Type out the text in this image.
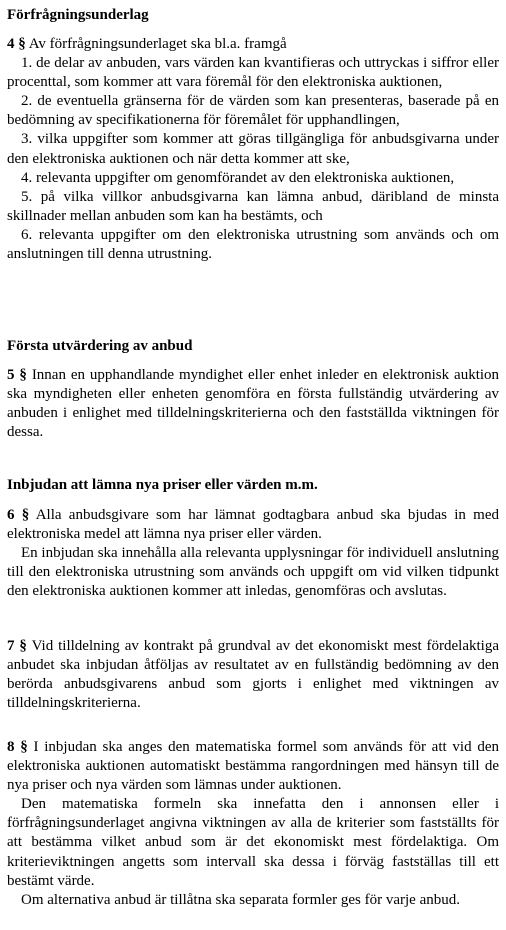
Förfrågningsunderlag

4 § Av förfrågningsunderlaget ska bl.a. framgå

1. de delar av anbuden, vars värden kan kvantifieras och uttryckas i siffror eller procenttal, som kommer att vara föremål för den elektroniska auktionen,

2. de eventuella gränserna för de värden som kan presenteras, baserade på en bedömning av specifikationerna för föremålet för upphandlingen,

3. vilka uppgifter som kommer att göras tillgängliga för anbudsgivarna under den elektroniska auktionen och när detta kommer att ske,

4. relevanta uppgifter om genomförandet av den elektroniska auktionen,

5. på vilka villkor anbudsgivarna kan lämna anbud, däribland de minsta skillnader mellan anbuden som kan ha bestämts, och

6. relevanta uppgifter om den elektroniska utrustning som används och om anslutningen till denna utrustning.

Första utvärdering av anbud

5 § Innan en upphandlande myndighet eller enhet inleder en elektronisk auktion ska myndigheten eller enheten genomföra en första fullständig utvärdering av anbuden i enlighet med tilldelningskriterierna och den fastställda viktningen för dessa.

Inbjudan att lämna nya priser eller värden m.m.

6 § Alla anbudsgivare som har lämnat godtagbara anbud ska bjudas in med elektroniska medel att lämna nya priser eller värden.

En inbjudan ska innehålla alla relevanta upplysningar för individuell anslutning till den elektroniska utrustning som används och uppgift om vid vilken tidpunkt den elektroniska auktionen kommer att inledas, genomföras och avslutas.

7 § Vid tilldelning av kontrakt på grundval av det ekonomiskt mest fördelaktiga anbudet ska inbjudan åtföljas av resultatet av en fullständig bedömning av den berörda anbudsgivarens anbud som gjorts i enlighet med viktningen av tilldelningskriterierna.

8 § I inbjudan ska anges den matematiska formel som används för att vid den elektroniska auktionen automatiskt bestämma rangordningen med hänsyn till de nya priser och nya värden som lämnas under auktionen.

Den matematiska formeln ska innefatta den i annonsen eller i förfrågningsunderlaget angivna viktningen av alla de kriterier som fastställts för att bestämma vilket anbud som är det ekonomiskt mest fördelaktiga. Om kriterieviktningen angetts som intervall ska dessa i förväg fastställas till ett bestämt värde.

Om alternativa anbud är tillåtna ska separata formler ges för varje anbud.
